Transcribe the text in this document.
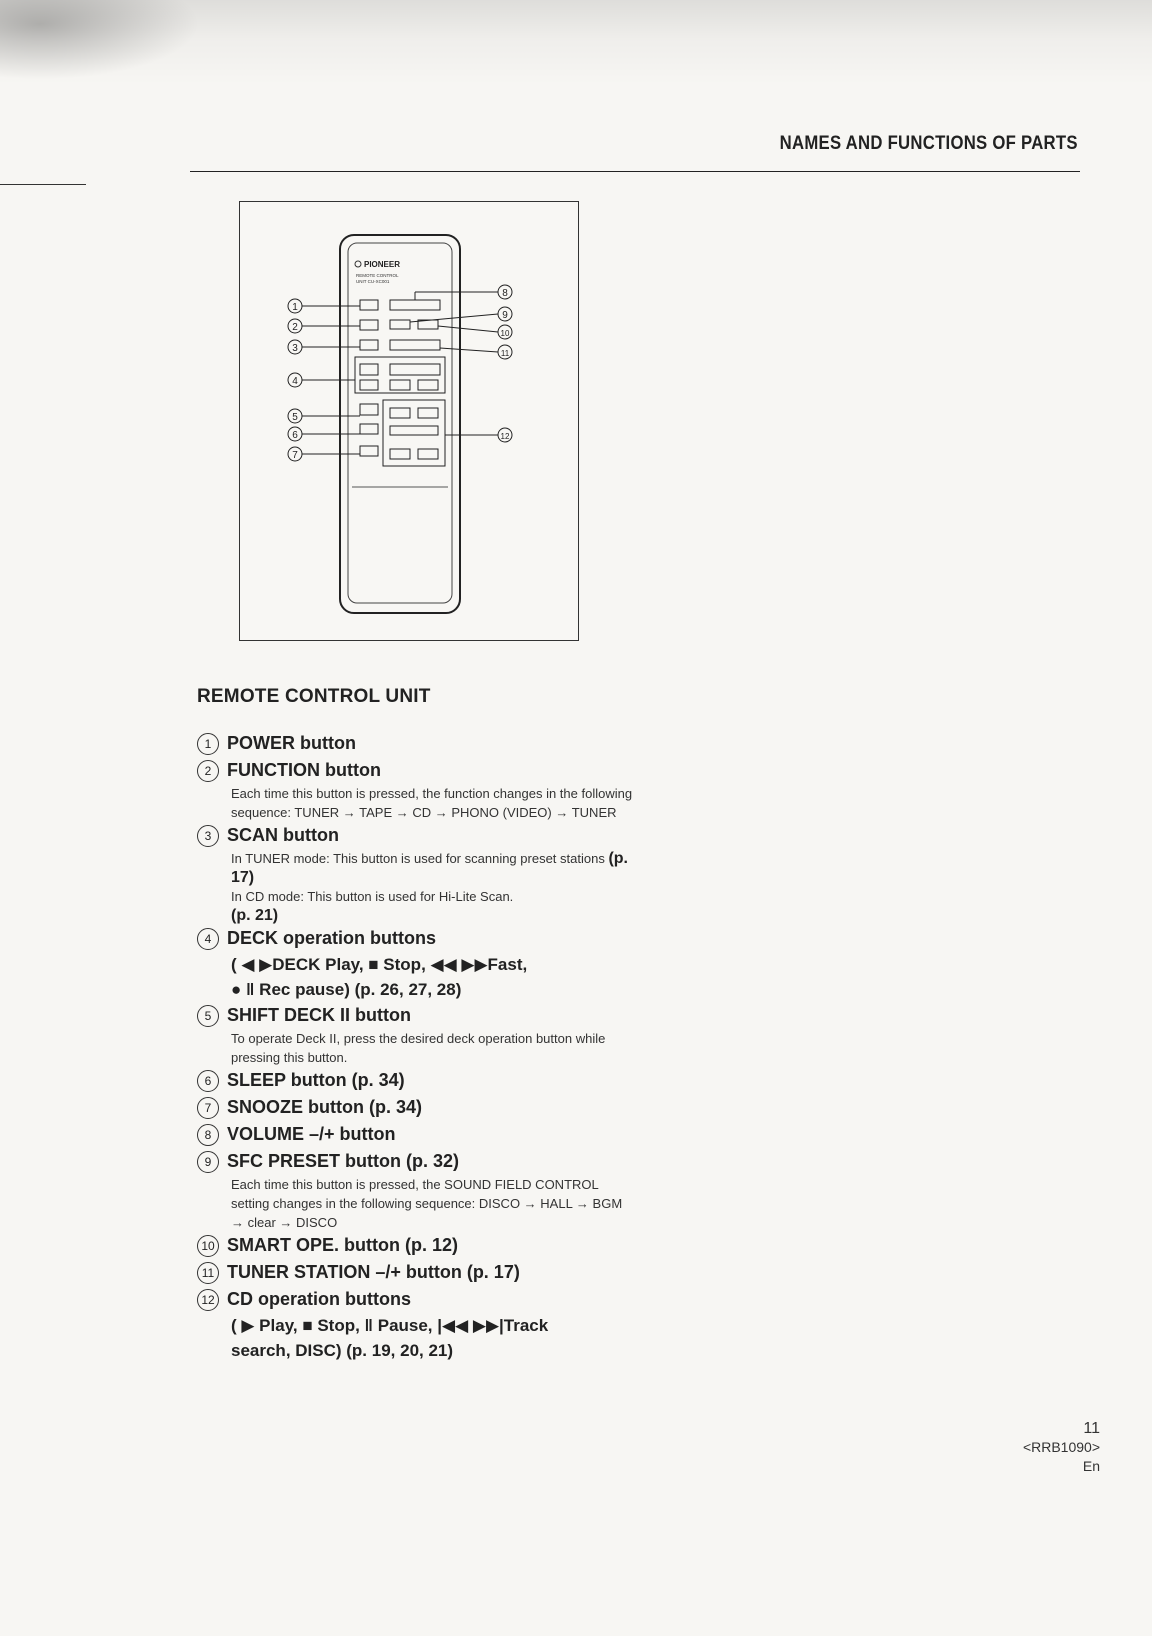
NAMES AND FUNCTIONS OF PARTS
PIONEER
REMOTE CONTROL
UNIT CU-XC001
1
2
3
4
5
6
7
8
9
10
11
12
REMOTE CONTROL UNIT
1 POWER button
2 FUNCTION button
Each time this button is pressed, the function changes in the following sequence: TUNER → TAPE → CD → PHONO (VIDEO) → TUNER
3 SCAN button
In TUNER mode: This button is used for scanning preset stations (p. 17)
In CD mode: This button is used for Hi-Lite Scan.
(p. 21)
4 DECK operation buttons
( ◀ ▶DECK Play, ■ Stop, ◀◀ ▶▶Fast,
● ‖ Rec pause) (p. 26, 27, 28)
5 SHIFT DECK II button
To operate Deck II, press the desired deck operation button while pressing this button.
6 SLEEP button (p. 34)
7 SNOOZE button (p. 34)
8 VOLUME –/+ button
9 SFC PRESET button (p. 32)
Each time this button is pressed, the SOUND FIELD CONTROL setting changes in the following sequence: DISCO → HALL → BGM → clear → DISCO
10 SMART OPE. button (p. 12)
11 TUNER STATION –/+ button (p. 17)
12 CD operation buttons
( ▶ Play, ■ Stop, ‖ Pause, |◀◀ ▶▶|Track
search, DISC) (p. 19, 20, 21)
11
<RRB1090>
En
